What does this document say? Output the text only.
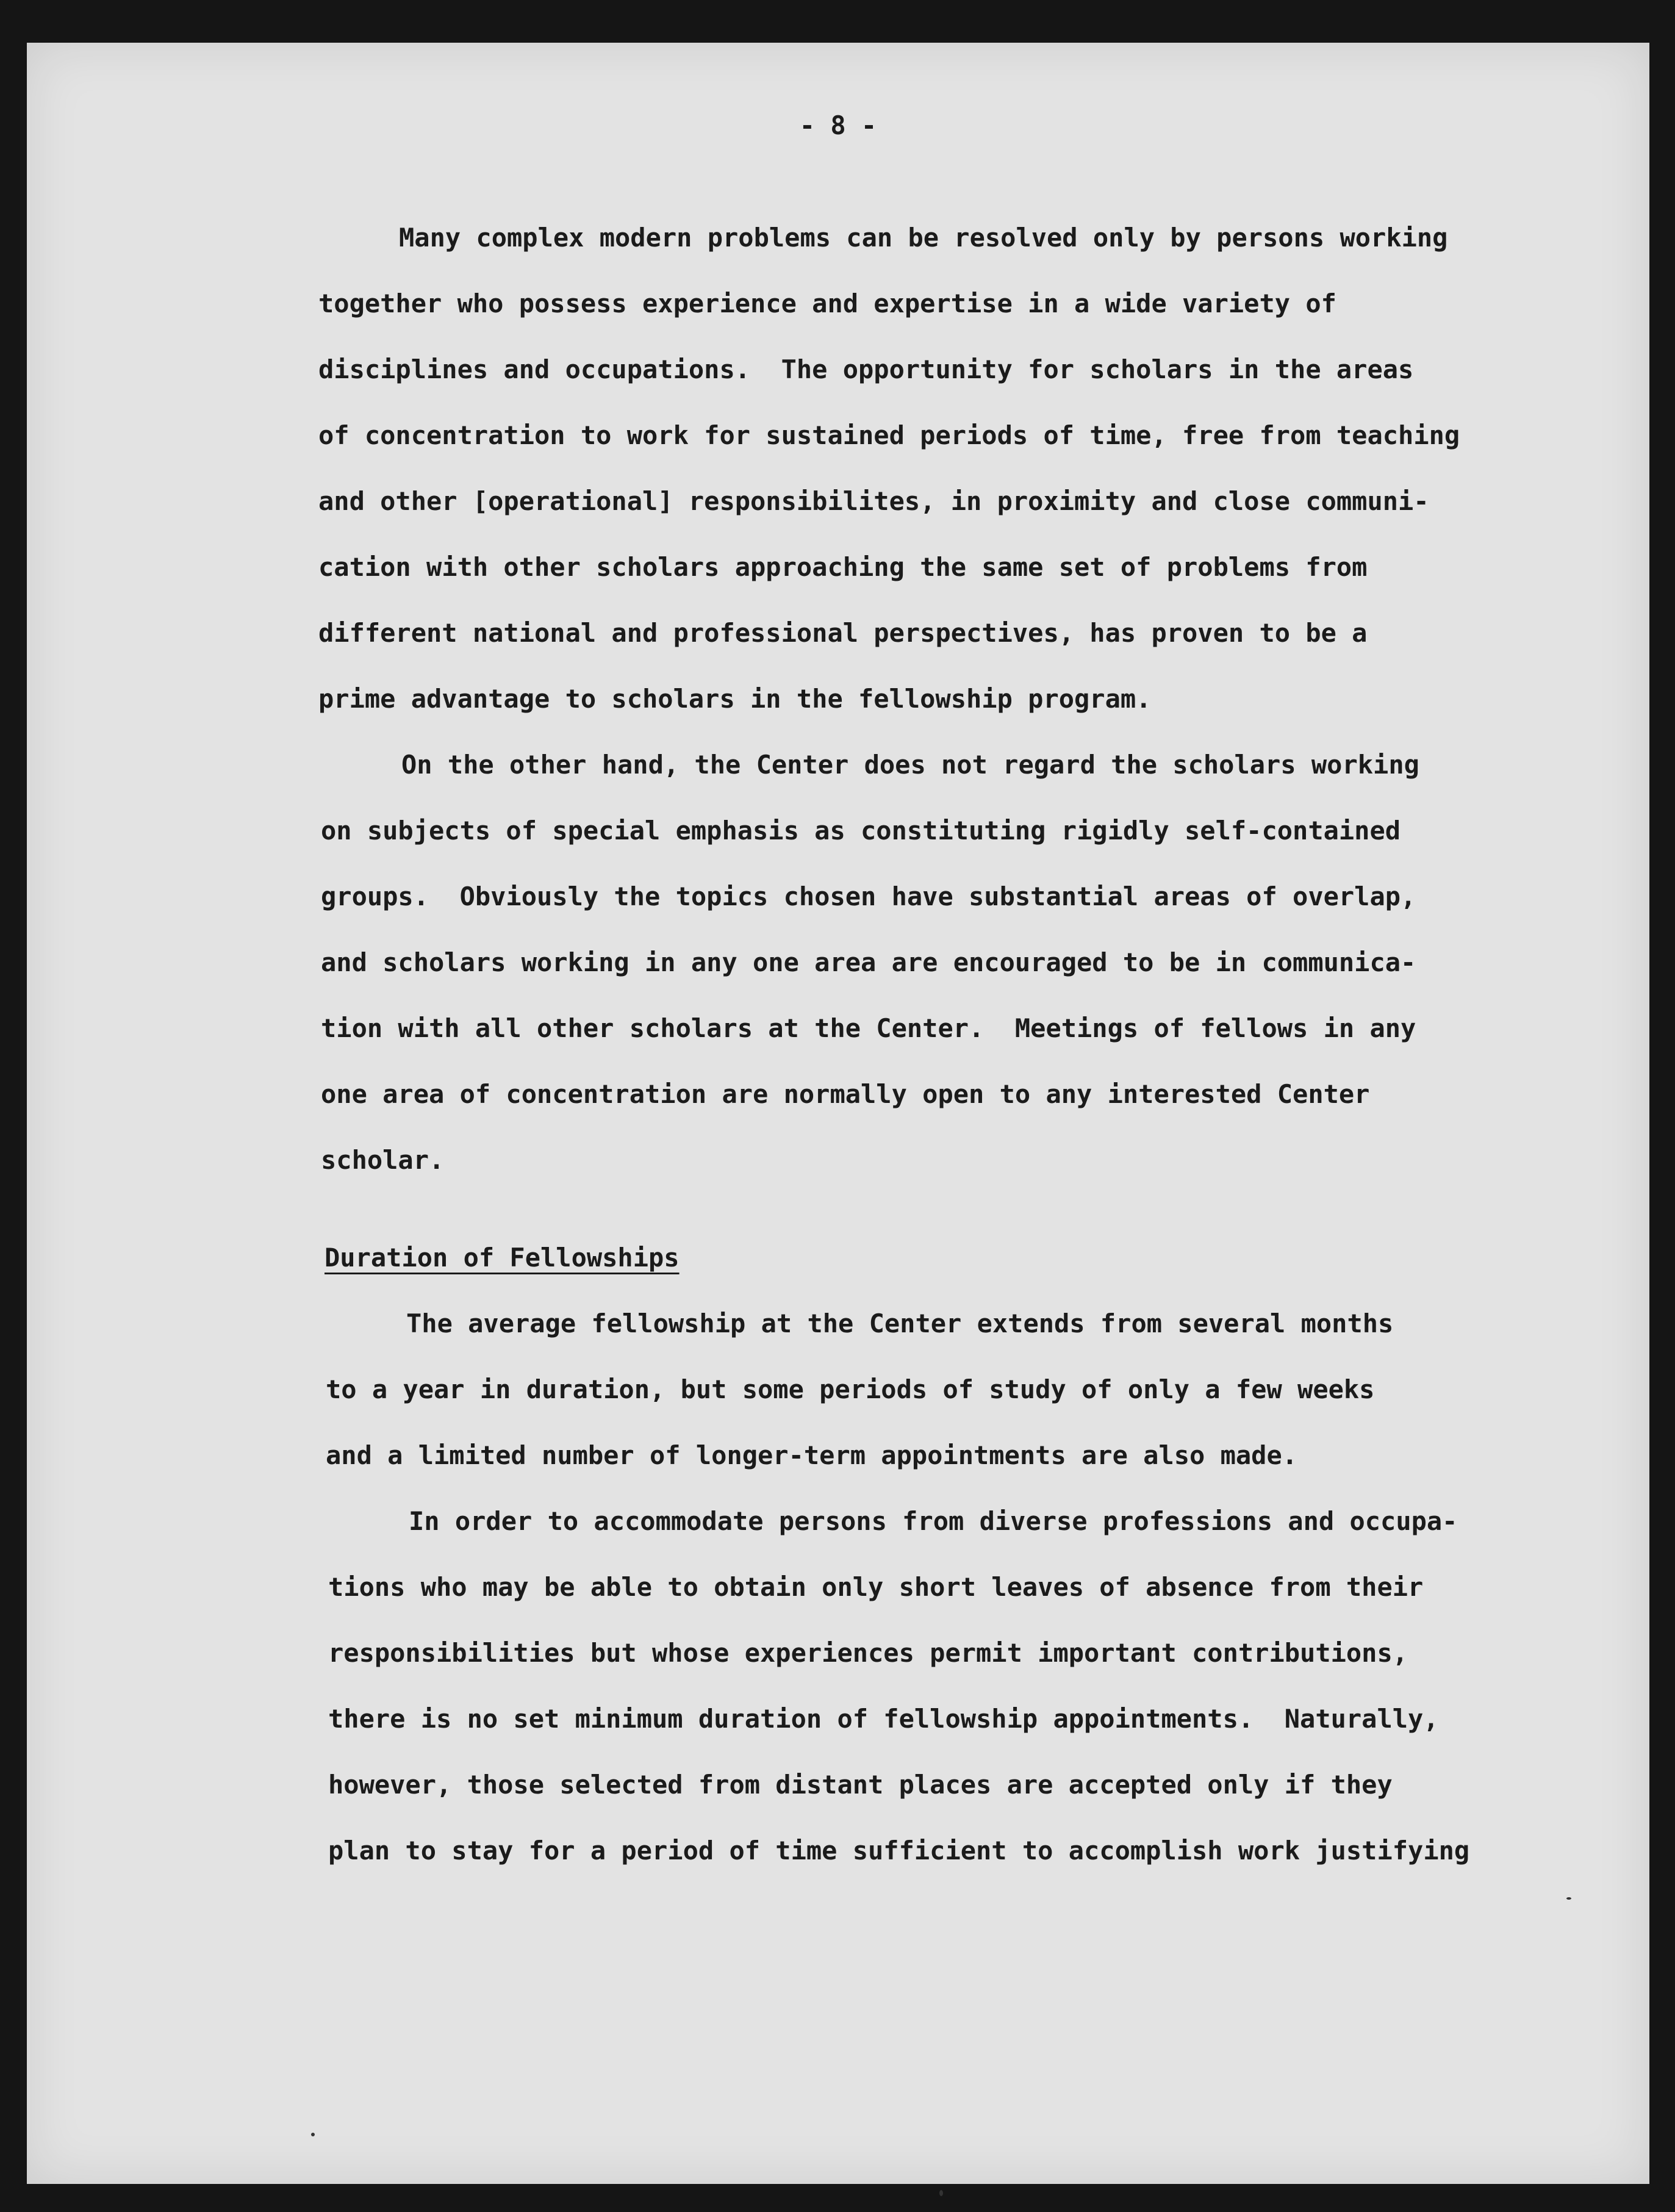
- 8 -
Many complex modern problems can be resolved only by persons working
together who possess experience and expertise in a wide variety of
disciplines and occupations.  The opportunity for scholars in the areas
of concentration to work for sustained periods of time, free from teaching
and other [operational] responsibilites, in proximity and close communi-
cation with other scholars approaching the same set of problems from
different national and professional perspectives, has proven to be a
prime advantage to scholars in the fellowship program.
On the other hand, the Center does not regard the scholars working
on subjects of special emphasis as constituting rigidly self-contained
groups.  Obviously the topics chosen have substantial areas of overlap,
and scholars working in any one area are encouraged to be in communica-
tion with all other scholars at the Center.  Meetings of fellows in any
one area of concentration are normally open to any interested Center
scholar.
Duration of Fellowships
The average fellowship at the Center extends from several months
to a year in duration, but some periods of study of only a few weeks
and a limited number of longer-term appointments are also made.
In order to accommodate persons from diverse professions and occupa-
tions who may be able to obtain only short leaves of absence from their
responsibilities but whose experiences permit important contributions,
there is no set minimum duration of fellowship appointments.  Naturally,
however, those selected from distant places are accepted only if they
plan to stay for a period of time sufficient to accomplish work justifying
